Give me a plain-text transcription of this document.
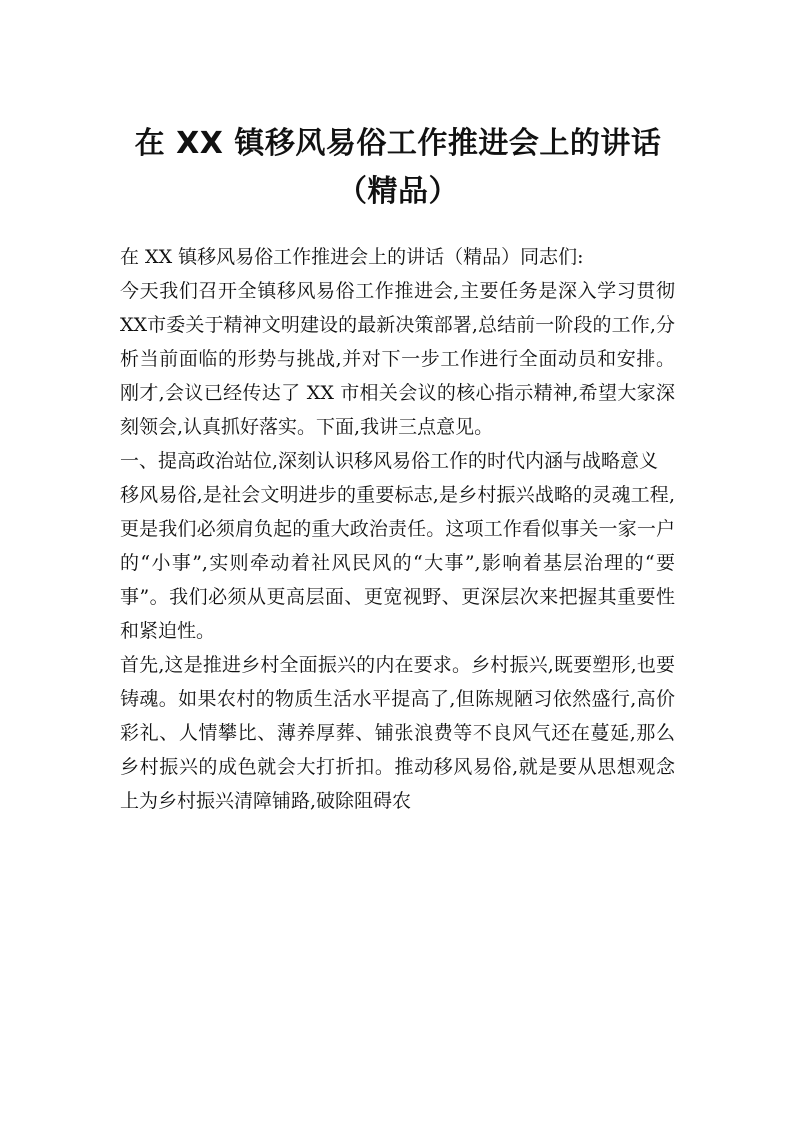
在 XX 镇移风易俗工作推进会上的讲话（精品）

在 XX 镇移风易俗工作推进会上的讲话（精品）同志们:

今天我们召开全镇移风易俗工作推进会,主要任务是深入学习贯彻XX市委关于精神文明建设的最新决策部署,总结前一阶段的工作,分析当前面临的形势与挑战,并对下一步工作进行全面动员和安排。刚才,会议已经传达了 XX 市相关会议的核心指示精神,希望大家深刻领会,认真抓好落实。下面,我讲三点意见。

一、提高政治站位,深刻认识移风易俗工作的时代内涵与战略意义

移风易俗,是社会文明进步的重要标志,是乡村振兴战略的灵魂工程,更是我们必须肩负起的重大政治责任。这项工作看似事关一家一户的“小事”,实则牵动着社风民风的“大事”,影响着基层治理的“要事”。我们必须从更高层面、更宽视野、更深层次来把握其重要性和紧迫性。

首先,这是推进乡村全面振兴的内在要求。乡村振兴,既要塑形,也要铸魂。如果农村的物质生活水平提高了,但陈规陋习依然盛行,高价彩礼、人情攀比、薄养厚葬、铺张浪费等不良风气还在蔓延,那么乡村振兴的成色就会大打折扣。推动移风易俗,就是要从思想观念上为乡村振兴清障铺路,破除阻碍农
